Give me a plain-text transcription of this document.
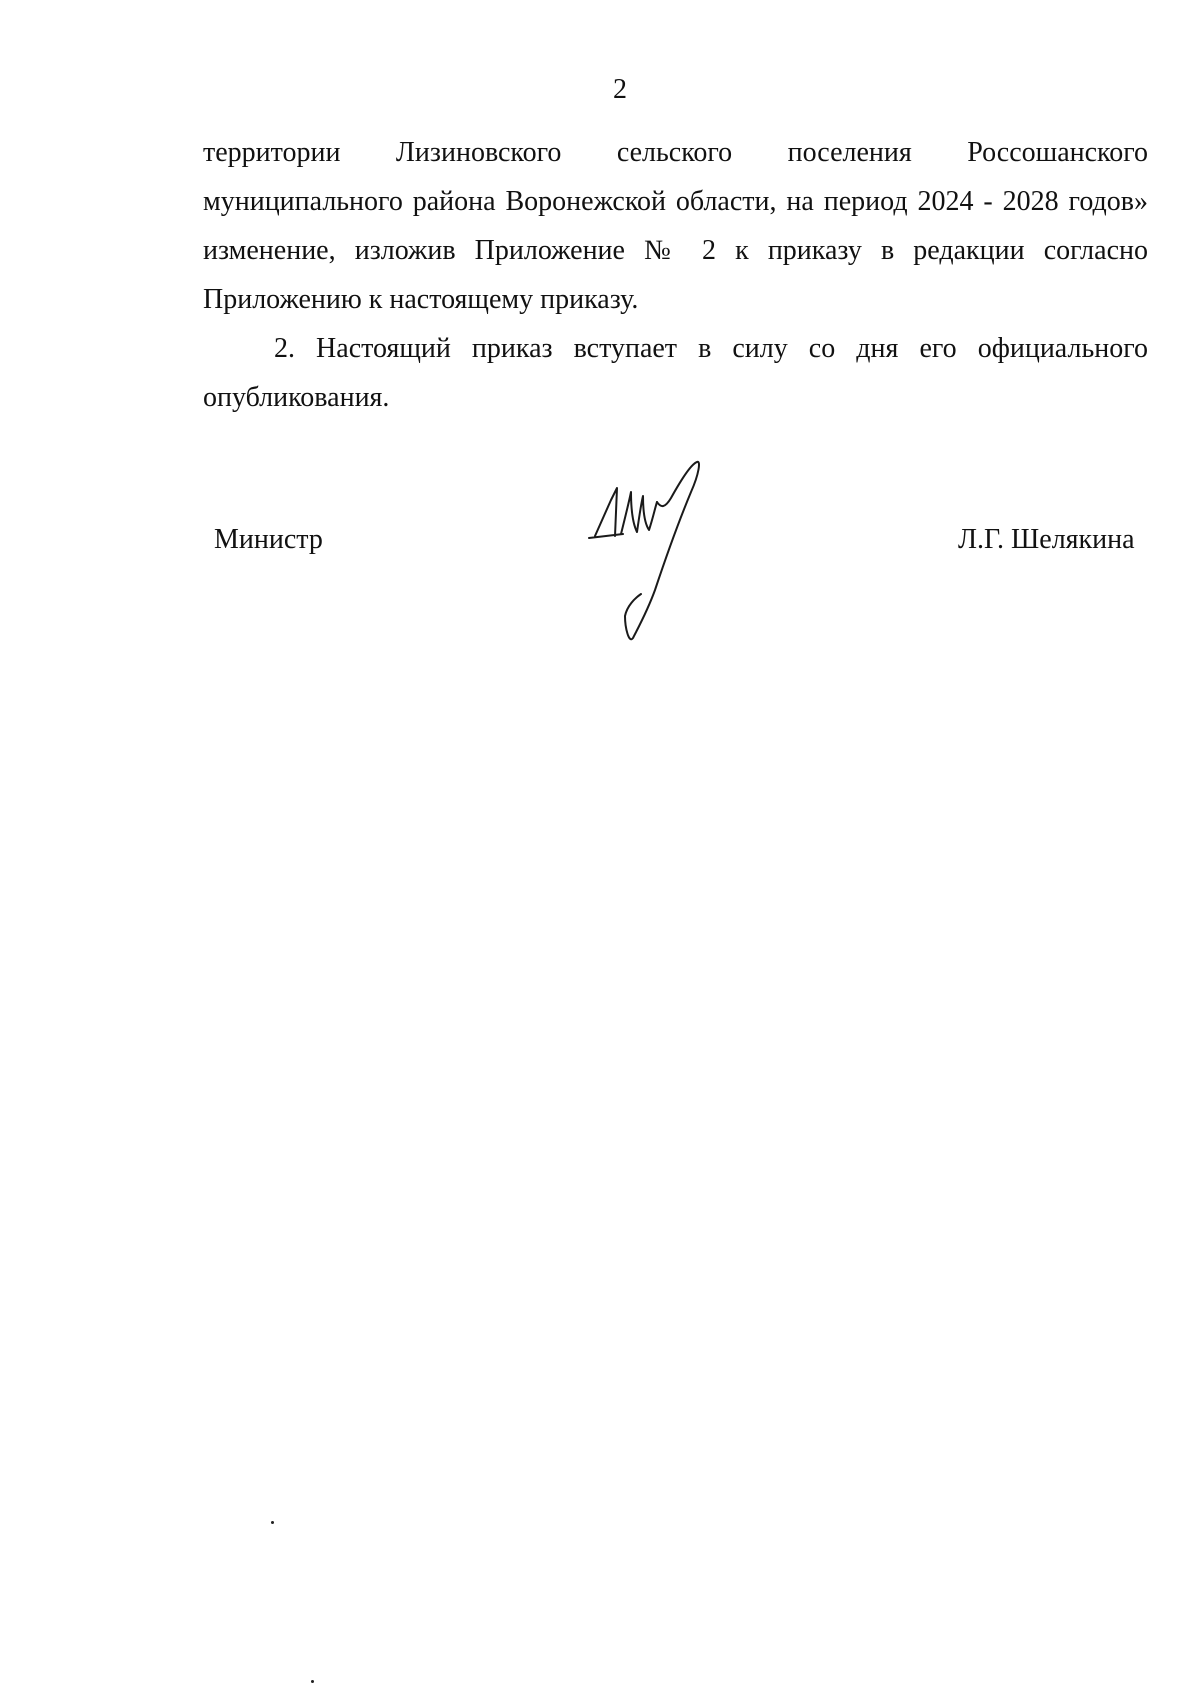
2

территории Лизиновского сельского поселения Россошанского
муниципального района Воронежской области, на период 2024 - 2028 годов»
изменение, изложив Приложение № 2 к приказу в редакции согласно
Приложению к настоящему приказу.

2. Настоящий приказ вступает в силу со дня его официального
опубликования.

Министр	Л.Г. Шелякина
